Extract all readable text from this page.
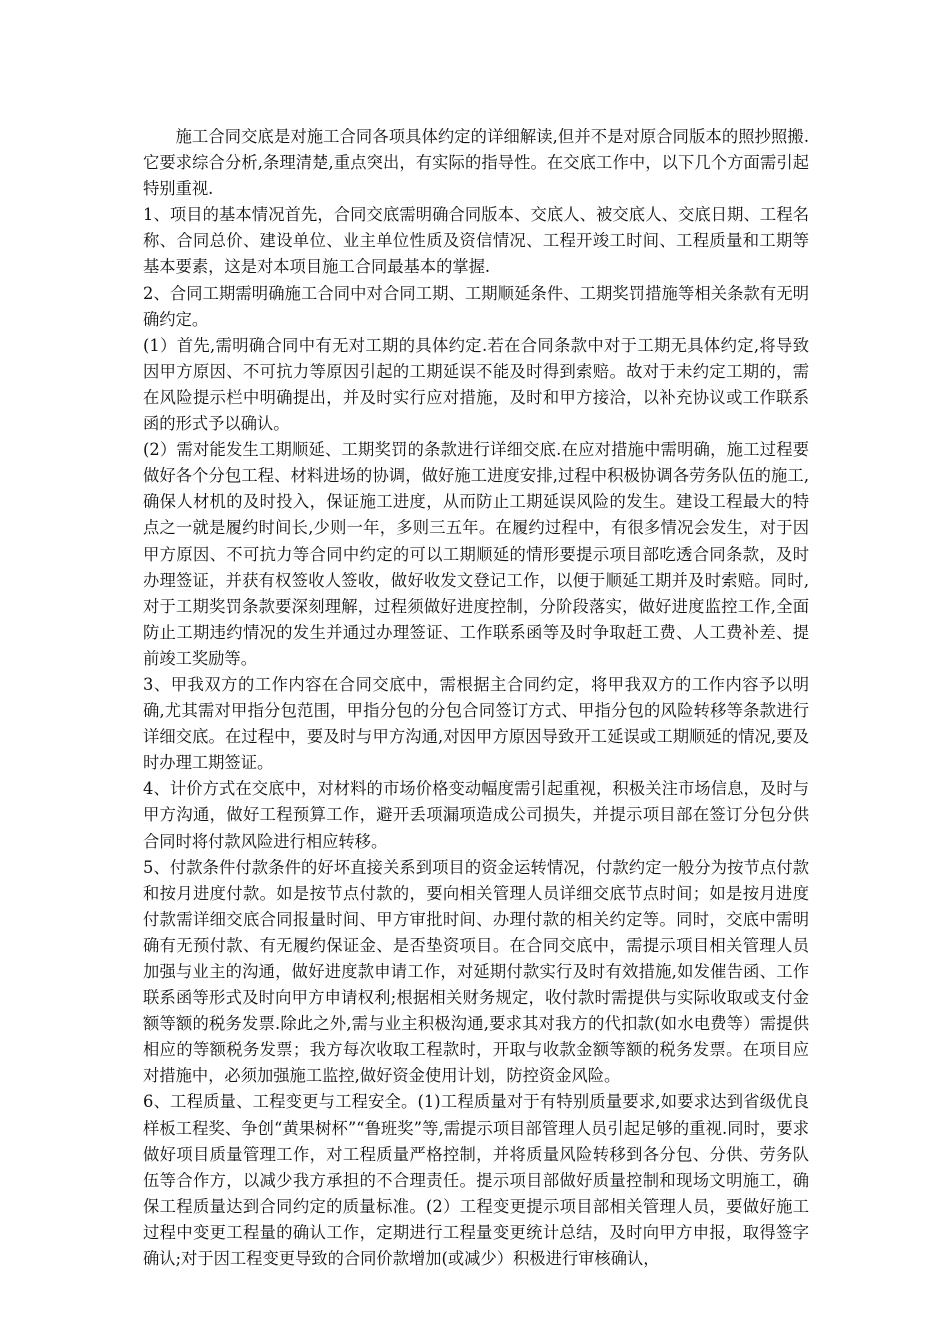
施工合同交底是对施工合同各项具体约定的详细解读,但并不是对原合同版本的照抄照搬.它要求综合分析,条理清楚,重点突出，有实际的指导性。在交底工作中，以下几个方面需引起特别重视.

1、项目的基本情况首先，合同交底需明确合同版本、交底人、被交底人、交底日期、工程名称、合同总价、建设单位、业主单位性质及资信情况、工程开竣工时间、工程质量和工期等基本要素，这是对本项目施工合同最基本的掌握.

2、合同工期需明确施工合同中对合同工期、工期顺延条件、工期奖罚措施等相关条款有无明确约定。

(1）首先,需明确合同中有无对工期的具体约定.若在合同条款中对于工期无具体约定,将导致因甲方原因、不可抗力等原因引起的工期延误不能及时得到索赔。故对于未约定工期的，需在风险提示栏中明确提出，并及时实行应对措施，及时和甲方接洽，以补充协议或工作联系函的形式予以确认。

(2）需对能发生工期顺延、工期奖罚的条款进行详细交底.在应对措施中需明确，施工过程要做好各个分包工程、材料进场的协调，做好施工进度安排,过程中积极协调各劳务队伍的施工,确保人材机的及时投入，保证施工进度，从而防止工期延误风险的发生。建设工程最大的特点之一就是履约时间长,少则一年，多则三五年。在履约过程中，有很多情况会发生，对于因甲方原因、不可抗力等合同中约定的可以工期顺延的情形要提示项目部吃透合同条款，及时办理签证，并获有权签收人签收，做好收发文登记工作，以便于顺延工期并及时索赔。同时,对于工期奖罚条款要深刻理解，过程须做好进度控制，分阶段落实，做好进度监控工作,全面防止工期违约情况的发生并通过办理签证、工作联系函等及时争取赶工费、人工费补差、提前竣工奖励等。

3、甲我双方的工作内容在合同交底中，需根据主合同约定，将甲我双方的工作内容予以明确,尤其需对甲指分包范围，甲指分包的分包合同签订方式、甲指分包的风险转移等条款进行详细交底。在过程中，要及时与甲方沟通,对因甲方原因导致开工延误或工期顺延的情况,要及时办理工期签证。

4、计价方式在交底中，对材料的市场价格变动幅度需引起重视，积极关注市场信息，及时与甲方沟通，做好工程预算工作，避开丢项漏项造成公司损失，并提示项目部在签订分包分供合同时将付款风险进行相应转移。

5、付款条件付款条件的好坏直接关系到项目的资金运转情况，付款约定一般分为按节点付款和按月进度付款。如是按节点付款的，要向相关管理人员详细交底节点时间；如是按月进度付款需详细交底合同报量时间、甲方审批时间、办理付款的相关约定等。同时，交底中需明确有无预付款、有无履约保证金、是否垫资项目。在合同交底中，需提示项目相关管理人员加强与业主的沟通，做好进度款申请工作，对延期付款实行及时有效措施,如发催告函、工作联系函等形式及时向甲方申请权利;根据相关财务规定，收付款时需提供与实际收取或支付金额等额的税务发票.除此之外,需与业主积极沟通,要求其对我方的代扣款(如水电费等）需提供相应的等额税务发票；我方每次收取工程款时，开取与收款金额等额的税务发票。在项目应对措施中，必须加强施工监控,做好资金使用计划，防控资金风险。

6、工程质量、工程变更与工程安全。(1)工程质量对于有特别质量要求,如要求达到省级优良样板工程奖、争创“黄果树杯”“鲁班奖”等,需提示项目部管理人员引起足够的重视.同时，要求做好项目质量管理工作，对工程质量严格控制，并将质量风险转移到各分包、分供、劳务队伍等合作方，以减少我方承担的不合理责任。提示项目部做好质量控制和现场文明施工，确保工程质量达到合同约定的质量标准。(2）工程变更提示项目部相关管理人员，要做好施工过程中变更工程量的确认工作，定期进行工程量变更统计总结，及时向甲方申报，取得签字确认;对于因工程变更导致的合同价款增加(或减少）积极进行审核确认，
